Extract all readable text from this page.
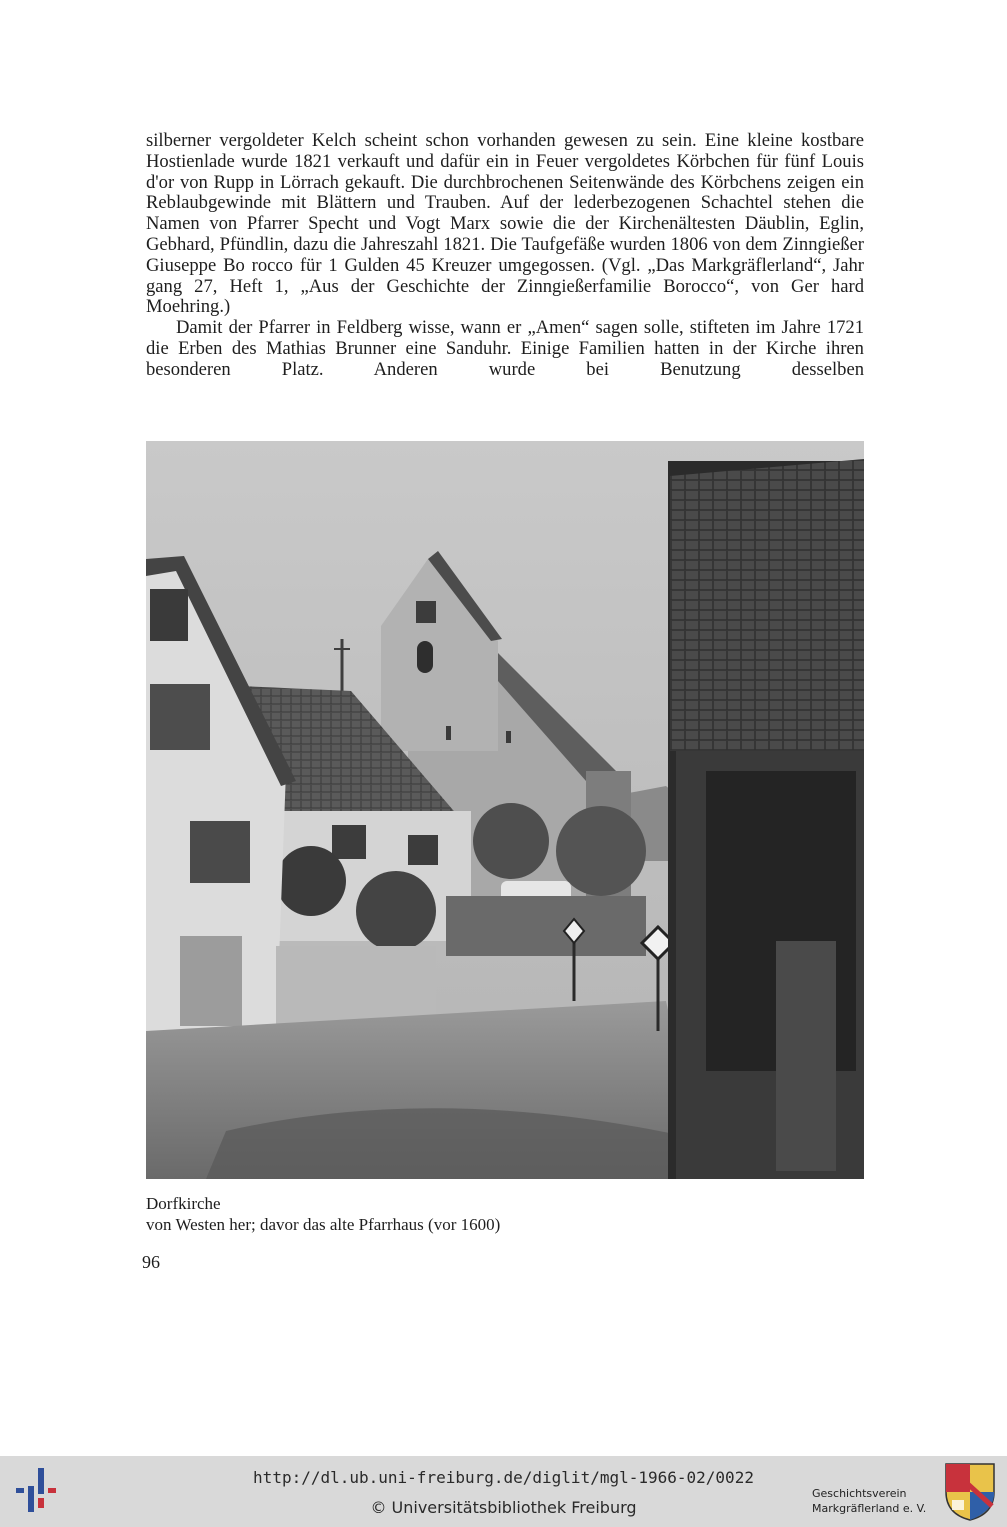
silberner vergoldeter Kelch scheint schon vorhanden gewesen zu sein. Eine kleine kostbare Hostienlade wurde 1821 verkauft und dafür ein in Feuer vergoldetes Körbchen für fünf Louis d'or von Rupp in Lörrach gekauft. Die durchbrochenen Seitenwände des Körbchens zeigen ein Reblaubgewinde mit Blättern und Trauben. Auf der lederbezogenen Schachtel stehen die Namen von Pfarrer Specht und Vogt Marx sowie die der Kirchenältesten Däublin, Eglin, Gebhard, Pfündlin, dazu die Jahreszahl 1821. Die Taufgefäße wurden 1806 von dem Zinngießer Giuseppe Bo rocco für 1 Gulden 45 Kreuzer umgegossen. (Vgl. „Das Markgräflerland“, Jahr gang 27, Heft 1, „Aus der Geschichte der Zinngießerfamilie Borocco“, von Ger hard Moehring.)

Damit der Pfarrer in Feldberg wisse, wann er „Amen“ sagen solle, stifteten im Jahre 1721 die Erben des Mathias Brunner eine Sanduhr. Einige Familien hatten in der Kirche ihren besonderen Platz. Anderen wurde bei Benutzung desselben

Dorfkirche
von Westen her; davor das alte Pfarrhaus (vor 1600)
96
http://dl.ub.uni-freiburg.de/diglit/mgl-1966-02/0022
© Universitätsbibliothek Freiburg
Geschichtsverein
Markgräflerland e. V.
